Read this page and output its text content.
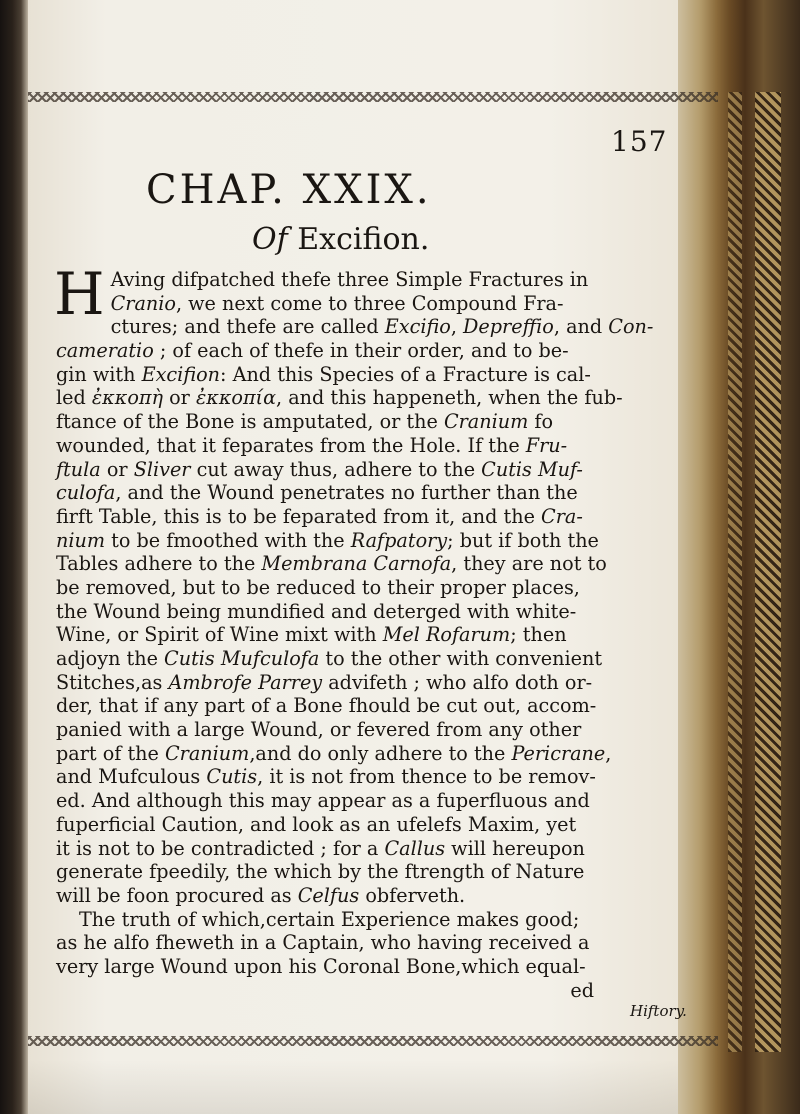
157
CHAP. XXIX.
Of Excifion.
H Aving difpatched thefe three Simple Fractures in
Cranio, we next come to three Compound Fra-
ctures; and thefe are called Excifio, Depreffio, and Con-
cameratio ; of each of thefe in their order, and to be-
gin with Excifion: And this Species of a Fracture is cal-
led ἐκκοπὴ or ἐκκοπία, and this happeneth, when the fub-
ftance of the Bone is amputated, or the Cranium fo
wounded, that it feparates from the Hole. If the Fru-
ftula or Sliver cut away thus, adhere to the Cutis Muf-
culofa, and the Wound penetrates no further than the
firft Table, this is to be feparated from it, and the Cra-
nium to be fmoothed with the Rafpatory; but if both the
Tables adhere to the Membrana Carnofa, they are not to
be removed, but to be reduced to their proper places,
the Wound being mundified and deterged with white-
Wine, or Spirit of Wine mixt with Mel Rofarum; then
adjoyn the Cutis Mufculofa to the other with convenient
Stitches,as Ambrofe Parrey advifeth ; who alfo doth or-
der, that if any part of a Bone fhould be cut out, accom-
panied with a large Wound, or fevered from any other
part of the Cranium,and do only adhere to the Pericrane,
and Mufculous Cutis, it is not from thence to be remov-
ed. And although this may appear as a fuperfluous and
fuperficial Caution, and look as an ufelefs Maxim, yet
it is not to be contradicted ; for a Callus will hereupon
generate fpeedily, the which by the ftrength of Nature
will be foon procured as Celfus obferveth.
The truth of which,certain Experience makes good;
as he alfo fheweth in a Captain, who having received a
very large Wound upon his Coronal Bone,which equal-
ed
Hiftory.
